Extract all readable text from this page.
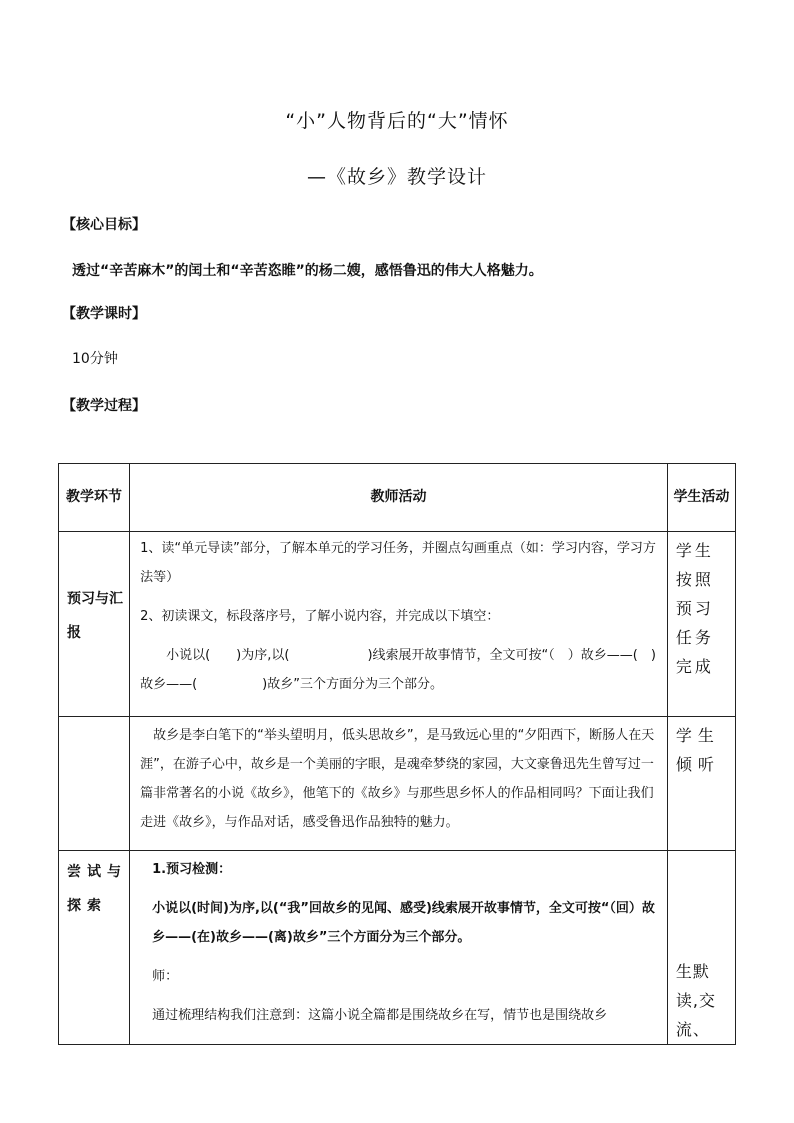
“小”人物背后的“大”情怀
—《故乡》教学设计
【核心目标】
透过“辛苦麻木”的闰土和“辛苦恣睢”的杨二嫂，感悟鲁迅的伟大人格魅力。
【教学课时】
10分钟
【教学过程】
教学环节	教师活动	学生活动

预习与汇报	1、读“单元导读”部分，了解本单元的学习任务，并圈点勾画重点（如：学习内容，学习方法等）

2、初读课文，标段落序号，了解小说内容，并完成以下填空：

小说以(　　)为序,以(　　　　　　)线索展开故事情节，全文可按“（　）故乡——(　)故乡——(　　　　　)故乡”三个方面分为三个部分。	学生按照预习任务完成

	故乡是李白笔下的“举头望明月，低头思故乡”，是马致远心里的“夕阳西下，断肠人在天涯”，在游子心中，故乡是一个美丽的字眼，是魂牵梦绕的家园，大文豪鲁迅先生曾写过一篇非常著名的小说《故乡》，他笔下的《故乡》与那些思乡怀人的作品相同吗？下面让我们走进《故乡》，与作品对话，感受鲁迅作品独特的魅力。	学生倾听

尝试与探索	1.预习检测：

小说以(时间)为序,以(“我”回故乡的见闻、感受)线索展开故事情节，全文可按“（回）故乡——(在)故乡——(离)故乡”三个方面分为三个部分。

师：

通过梳理结构我们注意到：这篇小说全篇都是围绕故乡在写，情节也是围绕故乡	生默读,交流、
